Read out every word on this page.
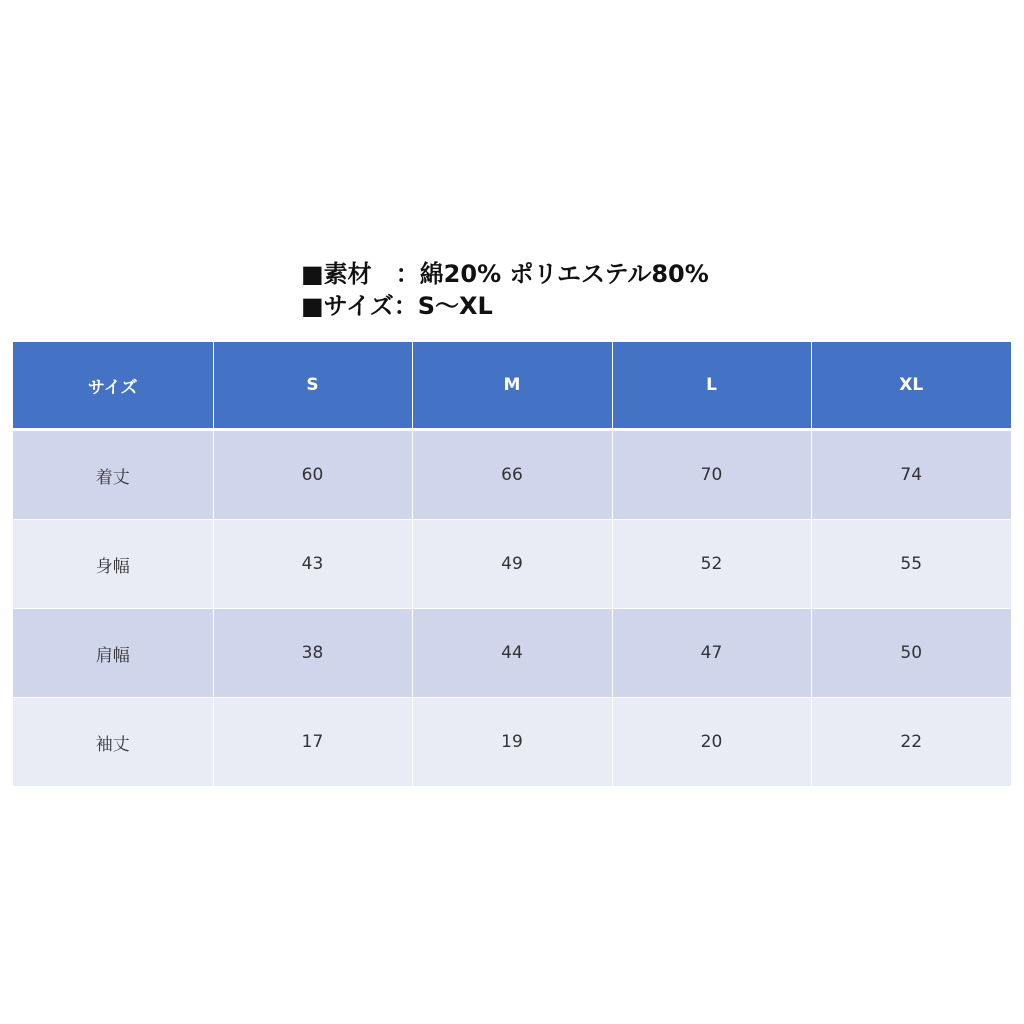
■素材　：綿20% ポリエステル80%
■サイズ：S〜XL
サイズ	S	M	L	XL
着丈	60	66	70	74
身幅	43	49	52	55
肩幅	38	44	47	50
袖丈	17	19	20	22
